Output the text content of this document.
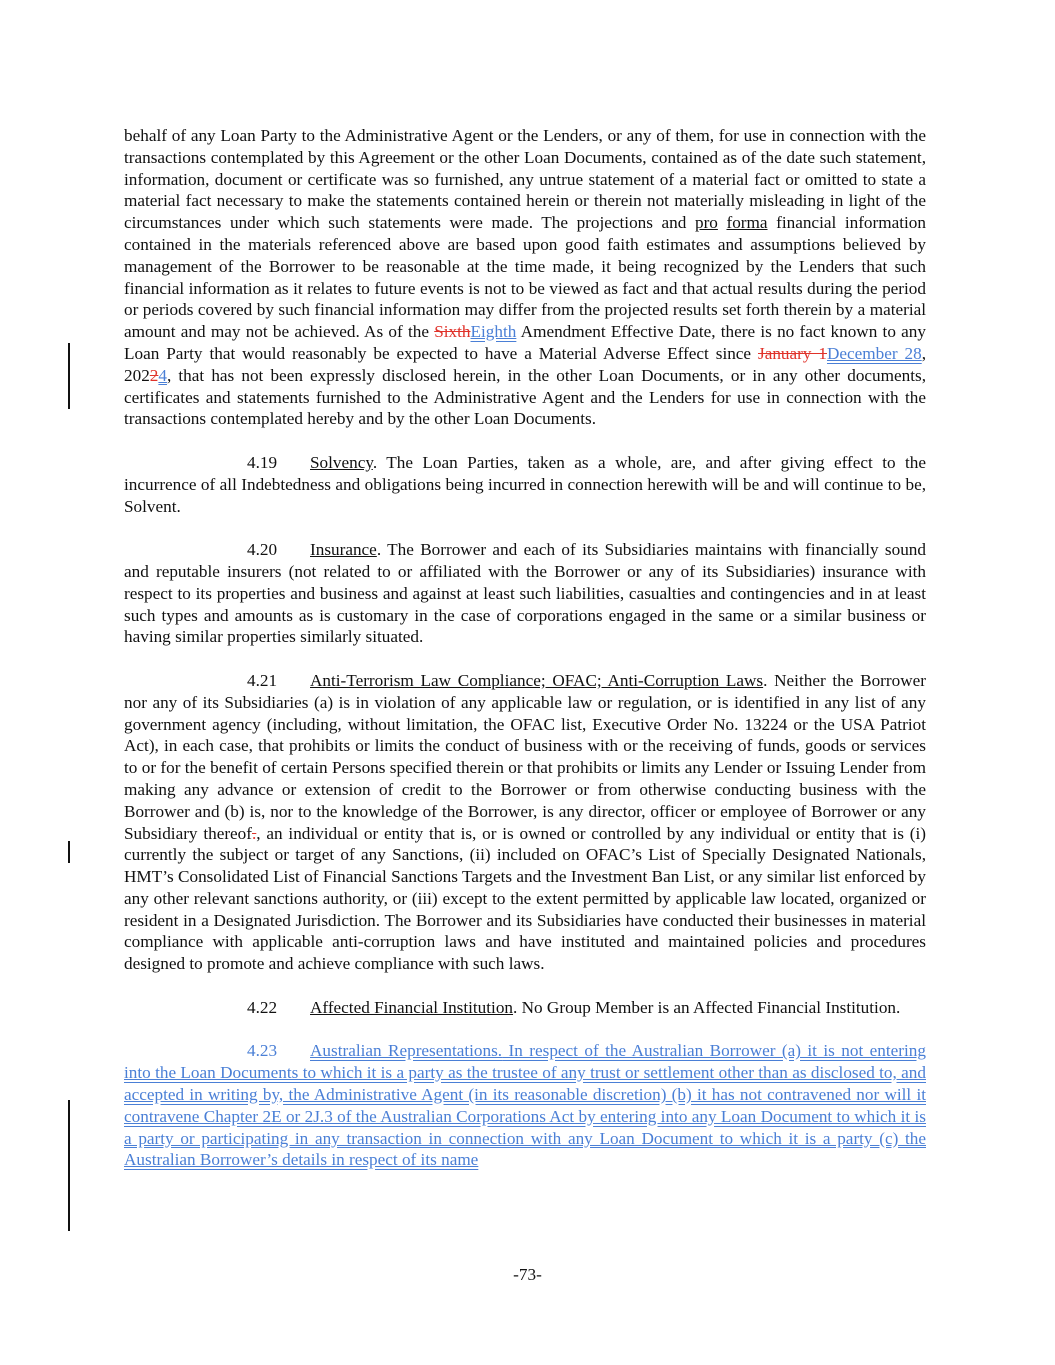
behalf of any Loan Party to the Administrative Agent or the Lenders, or any of them, for use in connection with the transactions contemplated by this Agreement or the other Loan Documents, contained as of the date such statement, information, document or certificate was so furnished, any untrue statement of a material fact or omitted to state a material fact necessary to make the statements contained herein or therein not materially misleading in light of the circumstances under which such statements were made. The projections and pro forma financial information contained in the materials referenced above are based upon good faith estimates and assumptions believed by management of the Borrower to be reasonable at the time made, it being recognized by the Lenders that such financial information as it relates to future events is not to be viewed as fact and that actual results during the period or periods covered by such financial information may differ from the projected results set forth therein by a material amount and may not be achieved. As of the SixthEighth Amendment Effective Date, there is no fact known to any Loan Party that would reasonably be expected to have a Material Adverse Effect since January 1December 28, 20224, that has not been expressly disclosed herein, in the other Loan Documents, or in any other documents, certificates and statements furnished to the Administrative Agent and the Lenders for use in connection with the transactions contemplated hereby and by the other Loan Documents.

4.19 Solvency. The Loan Parties, taken as a whole, are, and after giving effect to the incurrence of all Indebtedness and obligations being incurred in connection herewith will be and will continue to be, Solvent.

4.20 Insurance. The Borrower and each of its Subsidiaries maintains with financially sound and reputable insurers (not related to or affiliated with the Borrower or any of its Subsidiaries) insurance with respect to its properties and business and against at least such liabilities, casualties and contingencies and in at least such types and amounts as is customary in the case of corporations engaged in the same or a similar business or having similar properties similarly situated.

4.21 Anti-Terrorism Law Compliance; OFAC; Anti-Corruption Laws. Neither the Borrower nor any of its Subsidiaries (a) is in violation of any applicable law or regulation, or is identified in any list of any government agency (including, without limitation, the OFAC list, Executive Order No. 13224 or the USA Patriot Act), in each case, that prohibits or limits the conduct of business with or the receiving of funds, goods or services to or for the benefit of certain Persons specified therein or that prohibits or limits any Lender or Issuing Lender from making any advance or extension of credit to the Borrower or from otherwise conducting business with the Borrower and (b) is, nor to the knowledge of the Borrower, is any director, officer or employee of Borrower or any Subsidiary thereof., an individual or entity that is, or is owned or controlled by any individual or entity that is (i) currently the subject or target of any Sanctions, (ii) included on OFAC’s List of Specially Designated Nationals, HMT’s Consolidated List of Financial Sanctions Targets and the Investment Ban List, or any similar list enforced by any other relevant sanctions authority, or (iii) except to the extent permitted by applicable law located, organized or resident in a Designated Jurisdiction. The Borrower and its Subsidiaries have conducted their businesses in material compliance with applicable anti-corruption laws and have instituted and maintained policies and procedures designed to promote and achieve compliance with such laws.

4.22 Affected Financial Institution. No Group Member is an Affected Financial Institution.

4.23 Australian Representations. In respect of the Australian Borrower (a) it is not entering into the Loan Documents to which it is a party as the trustee of any trust or settlement other than as disclosed to, and accepted in writing by, the Administrative Agent (in its reasonable discretion) (b) it has not contravened nor will it contravene Chapter 2E or 2J.3 of the Australian Corporations Act by entering into any Loan Document to which it is a party or participating in any transaction in connection with any Loan Document to which it is a party (c) the Australian Borrower’s details in respect of its name

-73-
